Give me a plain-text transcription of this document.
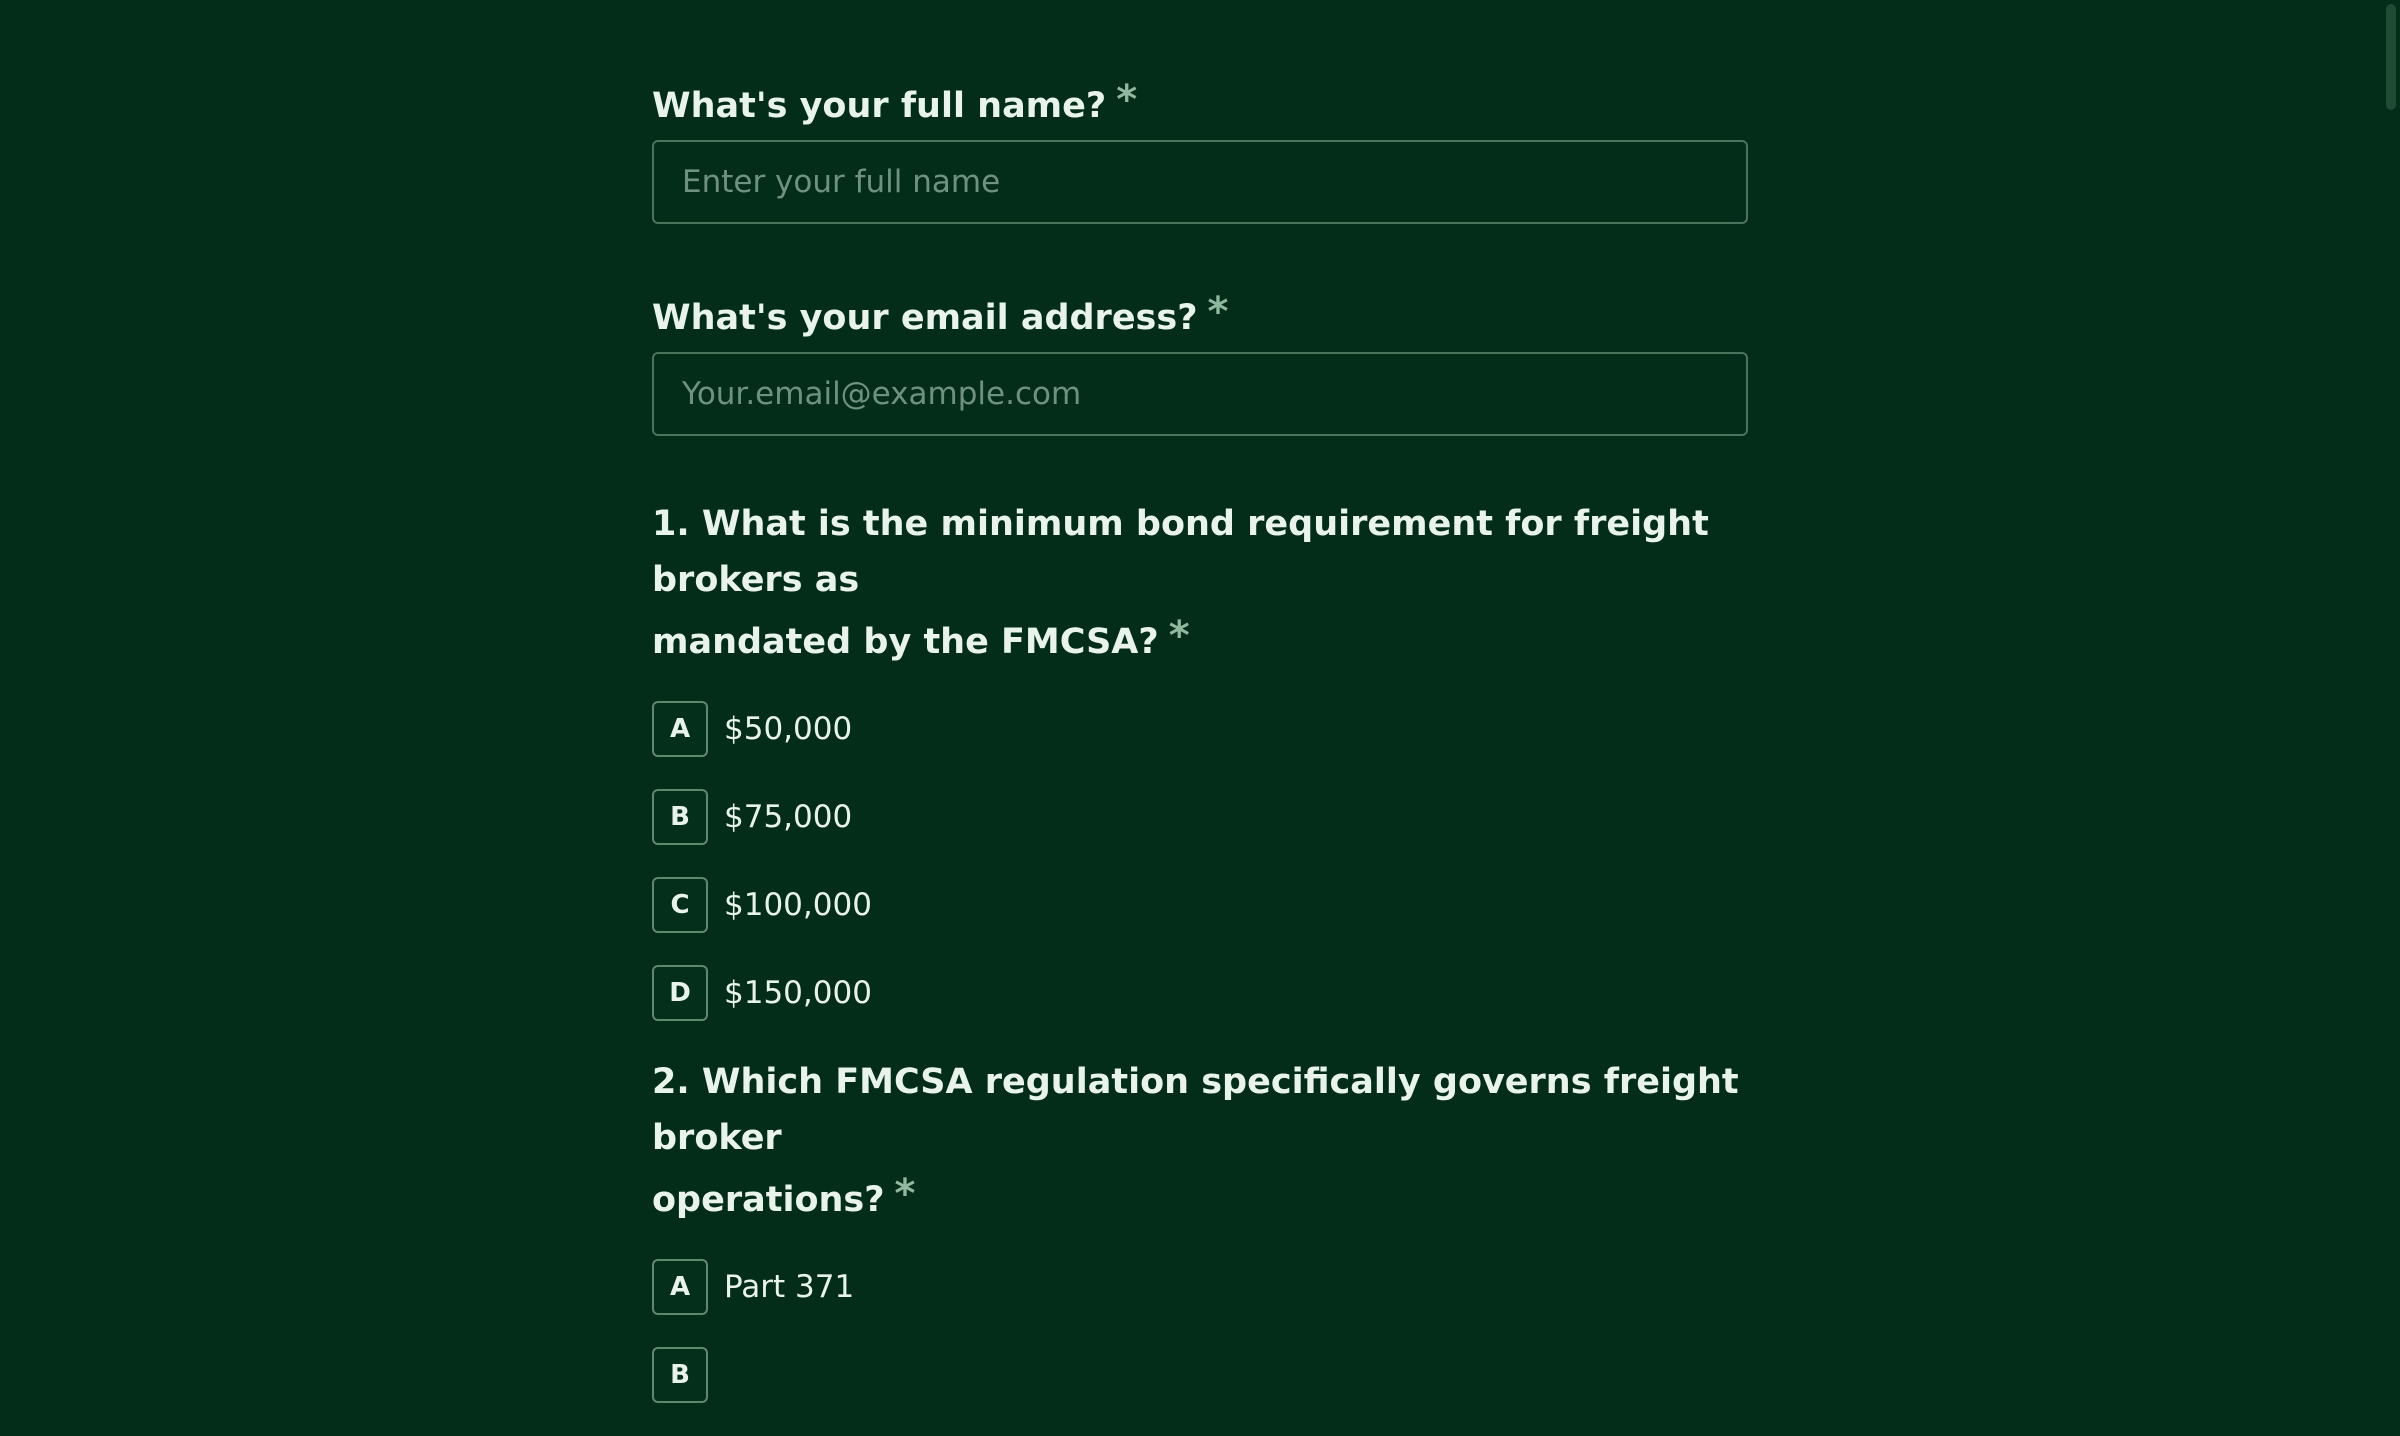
What's your full name? *

Enter your full name

What's your email address? *

Your.email@example.com

1. What is the minimum bond requirement for freight brokers as
mandated by the FMCSA? *

A	$50,000
B	$75,000
C	$100,000
D	$150,000

2. Which FMCSA regulation specifically governs freight broker
operations? *

A	Part 371
B
